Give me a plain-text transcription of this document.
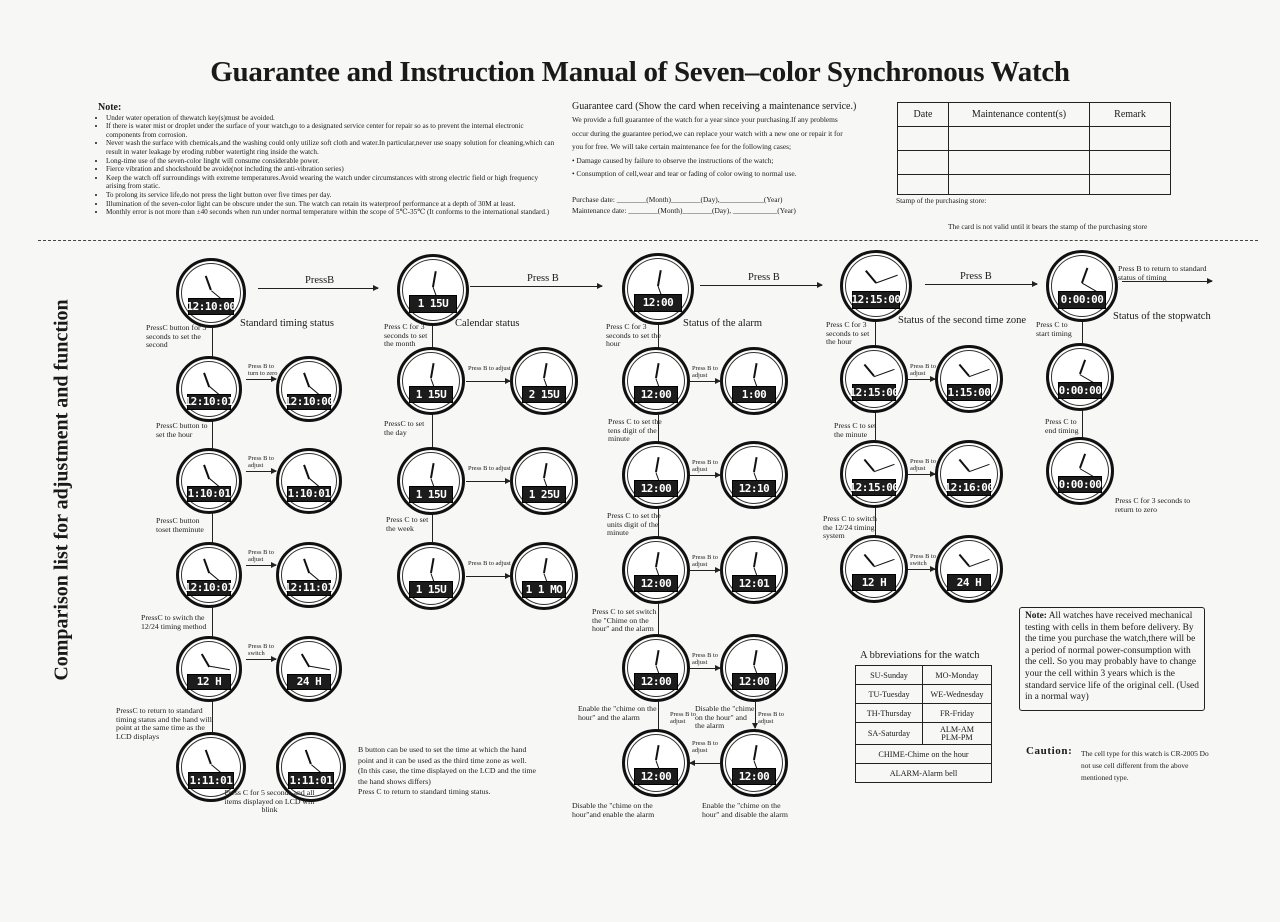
Guarantee and Instruction Manual of Seven–color Synchronous Watch
Note:
• Under water operation of thewatch key(s)must be avoided.
• If there is water mist or droplet under the surface of your watch,go to a designated service center for repair so as to prevent the internal electronic components from corrosion.
• Never wash the surface with chemicals,and the washing could only utilize soft cloth and water.In particular,never use soapy solution for cleaning,which can result in water leakage by eroding rubber watertight ring inside the watch.
• Long-time use of the seven-color linght will consume considerable power.
• Fierce vibration and shockshould be avoide(not including the anti-vibration series)
• Keep the watch off surroundings with extreme temperatures.Avoid wearing the watch under circumstances with strong electric field or high frequency arising from static.
• To prolong its service life,do not press the light button over five times per day.
• Illumination of the seven-color light can be obscure under the sun. The watch can retain its waterproof performance at a depth of 30M at least.
• Monthly error is not more than ±40 seconds when run under normal temperature within the scope of 5℃-35℃ (It conforms to the international standard.)
Guarantee card (Show the card when receiving a maintenance service.)
We provide a full guarantee of the watch for a year since your purchasing.If any problems
occur during the guarantee period,we can replace your watch with a new one or repair it for
you for free. We will take certain maintenance fee for the following cases;
• Damage caused by failure to observe the instructions of the watch;
• Consumption of cell,wear and tear or fading of color owing to normal use.
Purchase date: ________(Month)________(Day),____________(Year)
Maintenance date: ________(Month)________(Day), ____________(Year)
Date	Maintenance content(s)	Remark

Stamp of the purchasing store:
The card is not valid until it bears the stamp of the purchasing store
Comparison list for adjustment and function	Standard timing status	Calendar status	Status of the alarm	Status of the second time zone	Status of the stopwatch
PressB	Press B	Press B	Press B
Press B to return to standard status of timing
12:10:00
12:10:01	12:10:00
1:10:01	1:10:01
12:10:01	12:11:01
12 H	24 H
1:11:01	1:11:01
1 15U
1 15U	2 15U
1 15U	1 25U
1 15U	1 1 MO
12:00
12:00	1:00
12:00	12:10
12:00	12:01
12:00	12:00
12:00	12:00
12:15:00
12:15:00	1:15:00
12:15:00	12:16:00
12 H	24 H
0:00:00
0:00:00
0:00:00
Press B to turn to zero
Press B to adjust
Press B to adjust
Press B to switch
Press B to adjust
Press B to adjust
Press B to adjust
Press B to adjust
Press B to adjust
Press B to adjust
Press B to adjust
Press B to adjust
Press B to adjust
Press B to switch
Press B to adjust
Press B to adjust
Press B to adjust
PressC button for 3 seconds to set the second
PressC button to set the hour
PressC button toset theminute
PressC to switch the 12/24 timing method
PressC to return to standard timing status and the hand will point at the same time as the LCD displays
Press C for 5 seconds and all items displayed on LCD will blink
Press C for 3 seconds to set the month
PressC to set the day
Press C to set the week
Press C for 3 seconds to set the hour
Press C to set the tens digit of the minute
Press C to set the units digit of the minute
Press C to set switch the "Chime on the hour" and the alarm
Enable the "chime on the hour" and the alarm
Disable the "chime on the hour" and the alarm
Disable the "chime on the hour"and enable the alarm
Enable the "chime on the hour" and disable the alarm
Press C for 3 seconds to set the hour
Press C to set the minute
Press C to switch the 12/24 timing system
Press C to start timing
Press C to end timing
Press C for 3 seconds to return to zero
B button can be used to set the time at which the hand
point and it can be used as the third time zone as well.
(In this case, the time displayed on the LCD and the time
the hand shows differs)
Press C to return to standard timing status.
A bbreviations for the watch
SU-Sunday	MO-Monday
TU-Tuesday	WE-Wednesday
TH-Thursday	FR-Friday
SA-Saturday	ALM-AM
PLM-PM
CHIME-Chime on the hour	
ALARM-Alarm bell	
Note: All watches have received mechanical testing with cells in them before delivery. By the time you purchase the watch,there will be a period of normal power-consumption with the cell. So you may probably have to change your the cell within 3 years which is the standard service life of the original cell. (Used in a normal way)
Caution: The cell type for this watch is CR-2005 Do not use cell different from the above mentioned type.
